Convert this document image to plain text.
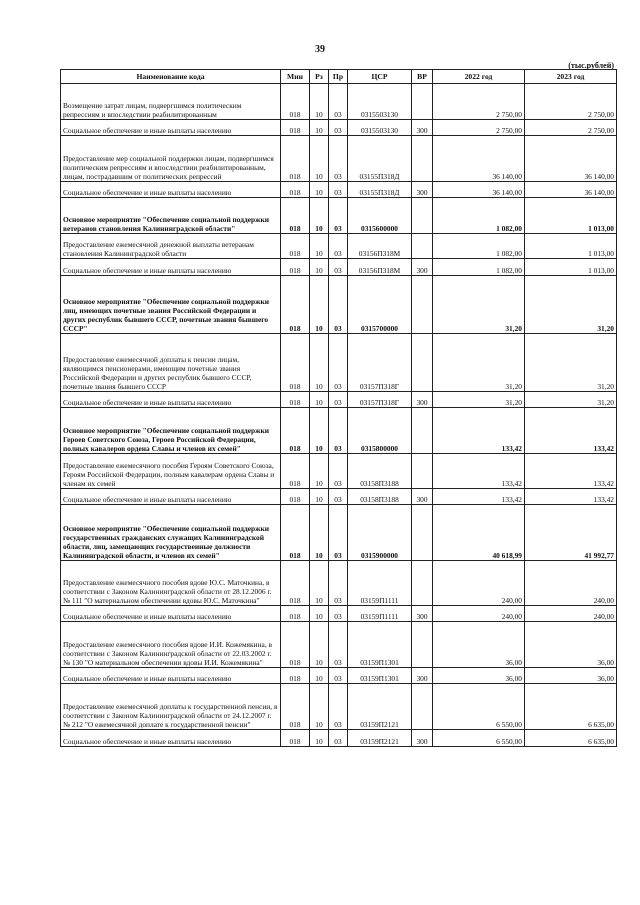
39
(тыс.рублей)
Наименование кода	Мин	Рз	Пр	ЦСР	ВР	2022 год	2023 год
Возмещение затрат лицам, подвергшимся политическим репрессиям и впоследствии реабилитированным	018	10	03	0315503130		2 750,00	2 750,00
Социальное обеспечение и иные выплаты населению	018	10	03	0315503130	300	2 750,00	2 750,00
Предоставление мер социальной поддержки лицам, подвергшимся политическим репрессиям и впоследствии реабилитированным, лицам, пострадавшим от политических репрессий	018	10	03	03155П318Д		36 140,00	36 140,00
Социальное обеспечение и иные выплаты населению	018	10	03	03155П318Д	300	36 140,00	36 140,00
Основное мероприятие "Обеспечение социальной поддержки ветеранов становления Калининградской области"	018	10	03	0315600000		1 082,00	1 013,00
Предоставление ежемесячной денежной выплаты ветеранам становления Калининградской области	018	10	03	03156П318М		1 082,00	1 013,00
Социальное обеспечение и иные выплаты населению	018	10	03	03156П318М	300	1 082,00	1 013,00
Основное мероприятие "Обеспечение социальной поддержки лиц, имеющих почетные звания Российской Федерации и других республик бывшего СССР, почетные звания бывшего СССР"	018	10	03	0315700000		31,20	31,20
Предоставление ежемесячной доплаты к пенсии лицам, являющимся пенсионерами, имеющим почетные звания Российской Федерации и других республик бывшего СССР, почетные звания бывшего СССР	018	10	03	03157П318Г		31,20	31,20
Социальное обеспечение и иные выплаты населению	018	10	03	03157П318Г	300	31,20	31,20
Основное мероприятие "Обеспечение социальной поддержки Героев Советского Союза, Героев Российской Федерации, полных кавалеров ордена Славы и членов их семей"	018	10	03	0315800000		133,42	133,42
Предоставление ежемесячного пособия Героям Советского Союза, Героям Российской Федерации, полным кавалерам ордена Славы и членам их семей	018	10	03	03158П3188		133,42	133,42
Социальное обеспечение и иные выплаты населению	018	10	03	03158П3188	300	133,42	133,42
Основное мероприятие "Обеспечение социальной поддержки государственных гражданских служащих Калининградской области, лиц, замещающих государственные должности Калининградской области, и членов их семей"	018	10	03	0315900000		40 618,99	41 992,77
Предоставление ежемесячного пособия вдове Ю.С. Маточкина, в соответствии с Законом Калининградской области от 28.12.2006 г. № 111 "О материальном обеспечении вдовы Ю.С. Маточкина"	018	10	03	03159П1111		240,00	240,00
Социальное обеспечение и иные выплаты населению	018	10	03	03159П1111	300	240,00	240,00
Предоставление ежемесячного пособия вдове И.И. Кожемякина, в соответствии с Законом Калининградской области от 22.03.2002 г. № 130 "О материальном обеспечении вдовы И.И. Кожемякина"	018	10	03	03159П1301		36,00	36,00
Социальное обеспечение и иные выплаты населению	018	10	03	03159П1301	300	36,00	36,00
Предоставление ежемесячной доплаты к государственной пенсии, в соответствии с Законом Калининградской области от 24.12.2007 г. № 212 "О ежемесячной доплате к государственной пенсии"	018	10	03	03159П2121		6 550,00	6 635,00
Социальное обеспечение и иные выплаты населению	018	10	03	03159П2121	300	6 550,00	6 635,00
